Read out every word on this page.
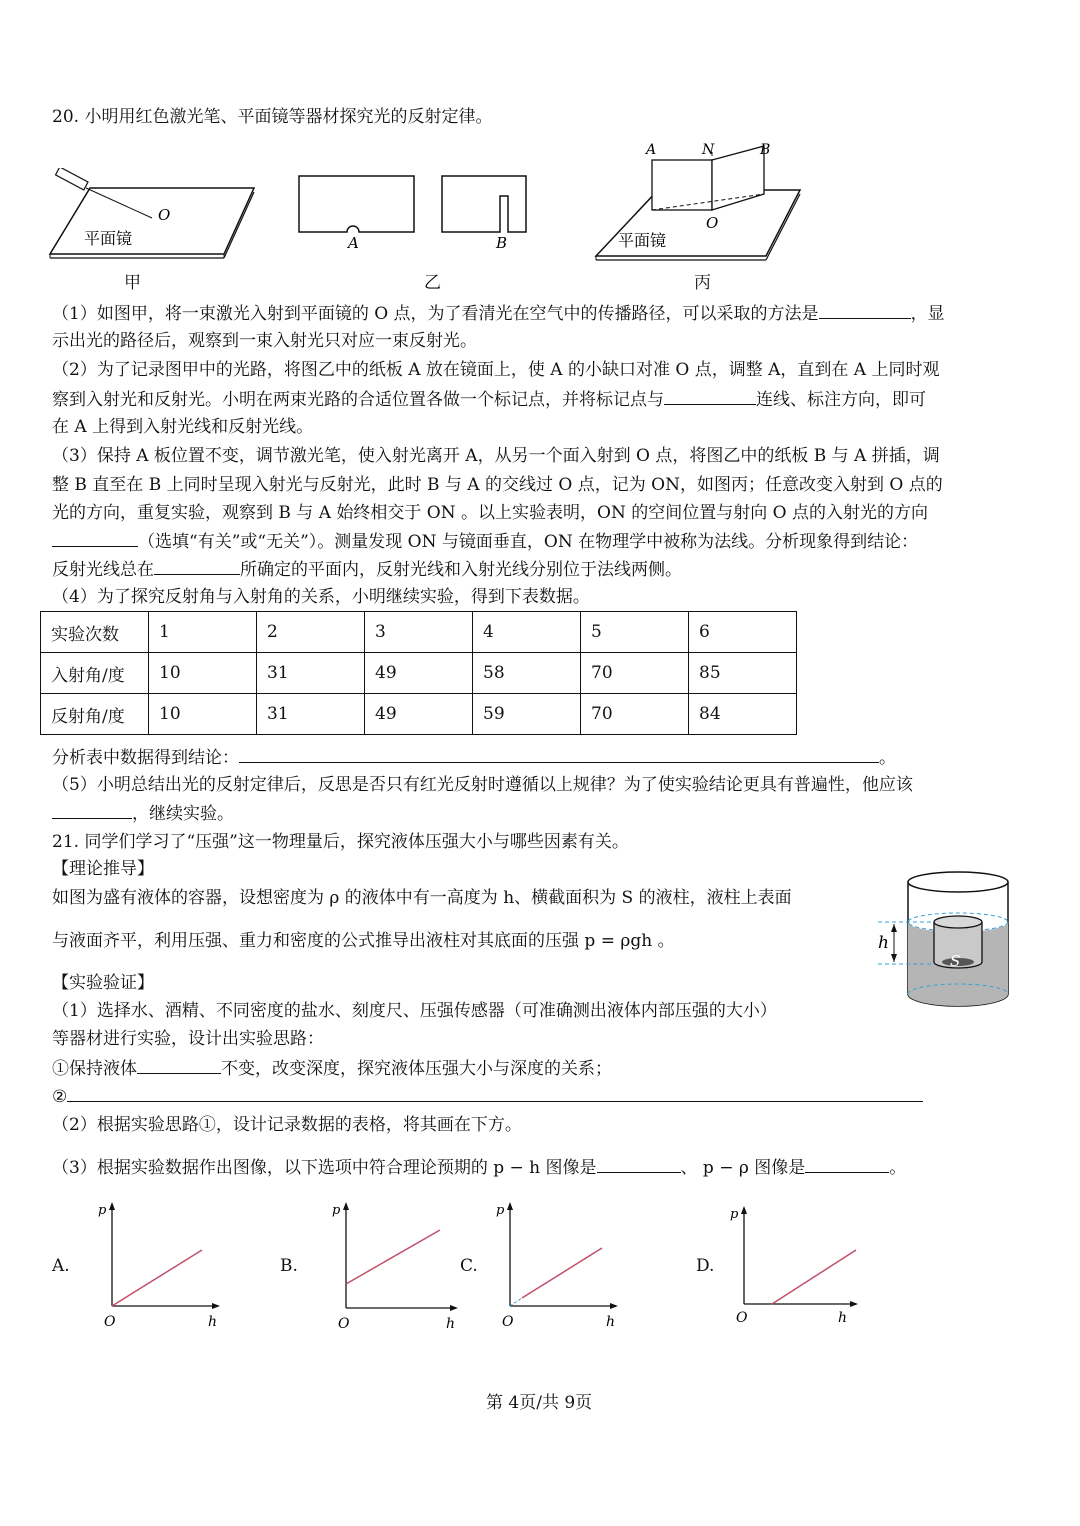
20. 小明用红色激光笔、平面镜等器材探究光的反射定律。
O
平面镜
甲
A	B
乙
A	N	B
O
平面镜
丙
（1）如图甲，将一束激光入射到平面镜的 O 点，为了看清光在空气中的传播路径，可以采取的方法是	，显
示出光的路径后，观察到一束入射光只对应一束反射光。
（2）为了记录图甲中的光路，将图乙中的纸板 A 放在镜面上，使 A 的小缺口对准 O 点，调整 A，直到在 A 上同时观
察到入射光和反射光。小明在两束光路的合适位置各做一个标记点，并将标记点与	连线、标注方向，即可
在 A 上得到入射光线和反射光线。
（3）保持 A 板位置不变，调节激光笔，使入射光离开 A，从另一个面入射到 O 点，将图乙中的纸板 B 与 A 拼插，调
整 B 直至在 B 上同时呈现入射光与反射光，此时 B 与 A 的交线过 O 点，记为 ON，如图丙；任意改变入射到 O 点的
光的方向，重复实验，观察到 B 与 A 始终相交于 ON 。以上实验表明，ON 的空间位置与射向 O 点的入射光的方向
（选填“有关”或“无关”）。测量发现 ON 与镜面垂直，ON 在物理学中被称为法线。分析现象得到结论：
反射光线总在	所确定的平面内，反射光线和入射光线分别位于法线两侧。
（4）为了探究反射角与入射角的关系，小明继续实验，得到下表数据。
实验次数	1	2	3	4	5	6
入射角/度	10	31	49	58	70	85
反射角/度	10	31	49	59	70	84
分析表中数据得到结论：	。
（5）小明总结出光的反射定律后，反思是否只有红光反射时遵循以上规律？为了使实验结论更具有普遍性，他应该
，继续实验。
21. 同学们学习了“压强”这一物理量后，探究液体压强大小与哪些因素有关。
【理论推导】
如图为盛有液体的容器，设想密度为 ρ 的液体中有一高度为 h、横截面积为 S 的液柱，液柱上表面
与液面齐平，利用压强、重力和密度的公式推导出液柱对其底面的压强 p = ρgh 。	h
S
【实验验证】
（1）选择水、酒精、不同密度的盐水、刻度尺、压强传感器（可准确测出液体内部压强的大小）
等器材进行实验，设计出实验思路：
①保持液体	不变，改变深度，探究液体压强大小与深度的关系；
②
（2）根据实验思路①，设计记录数据的表格，将其画在下方。
（3）根据实验数据作出图像，以下选项中符合理论预期的 p − h 图像是	、 p − ρ 图像是	。
A.
p
O	h
B.
p
O	h
C.
p
O	h
D.
p
O	h
第 4页/共 9页
